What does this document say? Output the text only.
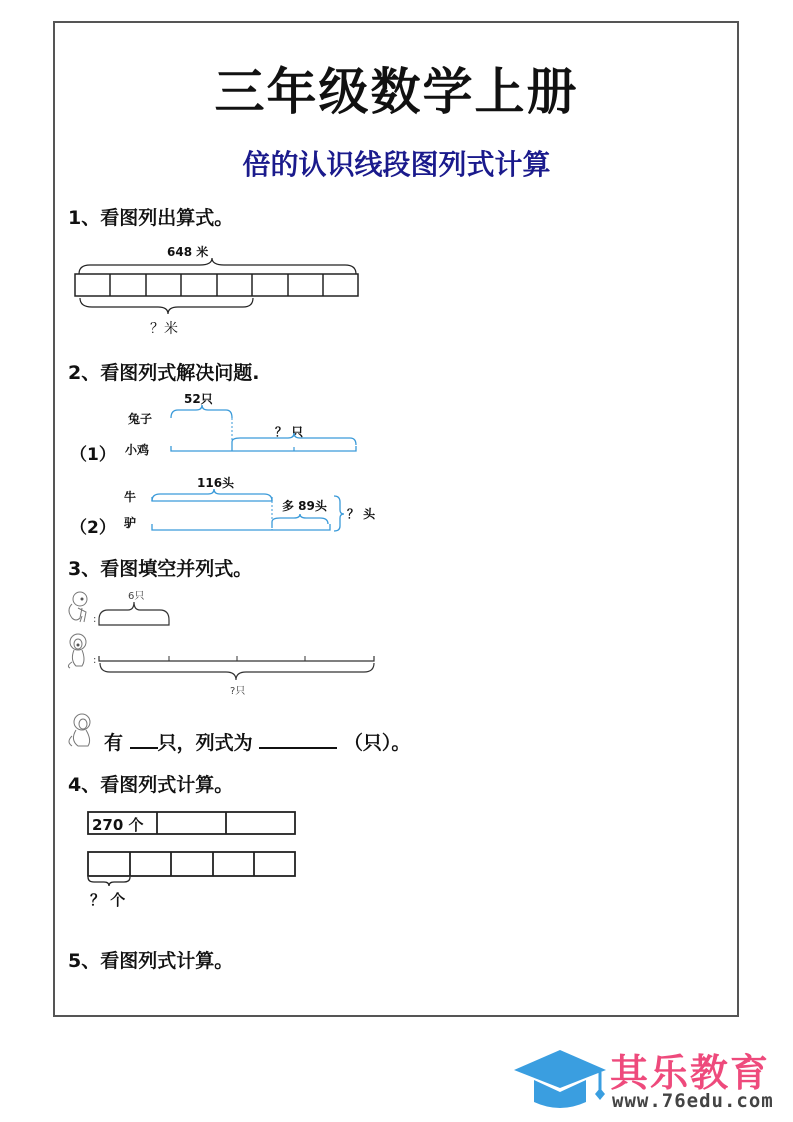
三年级数学上册
倍的认识线段图列式计算
1、看图列出算式。
648 米
？米
2、看图列式解决问题.
52只
兔子
？ 只
（1） 小鸡
116头
牛
多 89头
？ 头
（2） 驴
3、看图填空并列式。
6只
:
:
?只
有 只，列式为	（只）。
4、看图列式计算。
270 个
？ 个
5、看图列式计算。
其乐教育
www.76edu.com
